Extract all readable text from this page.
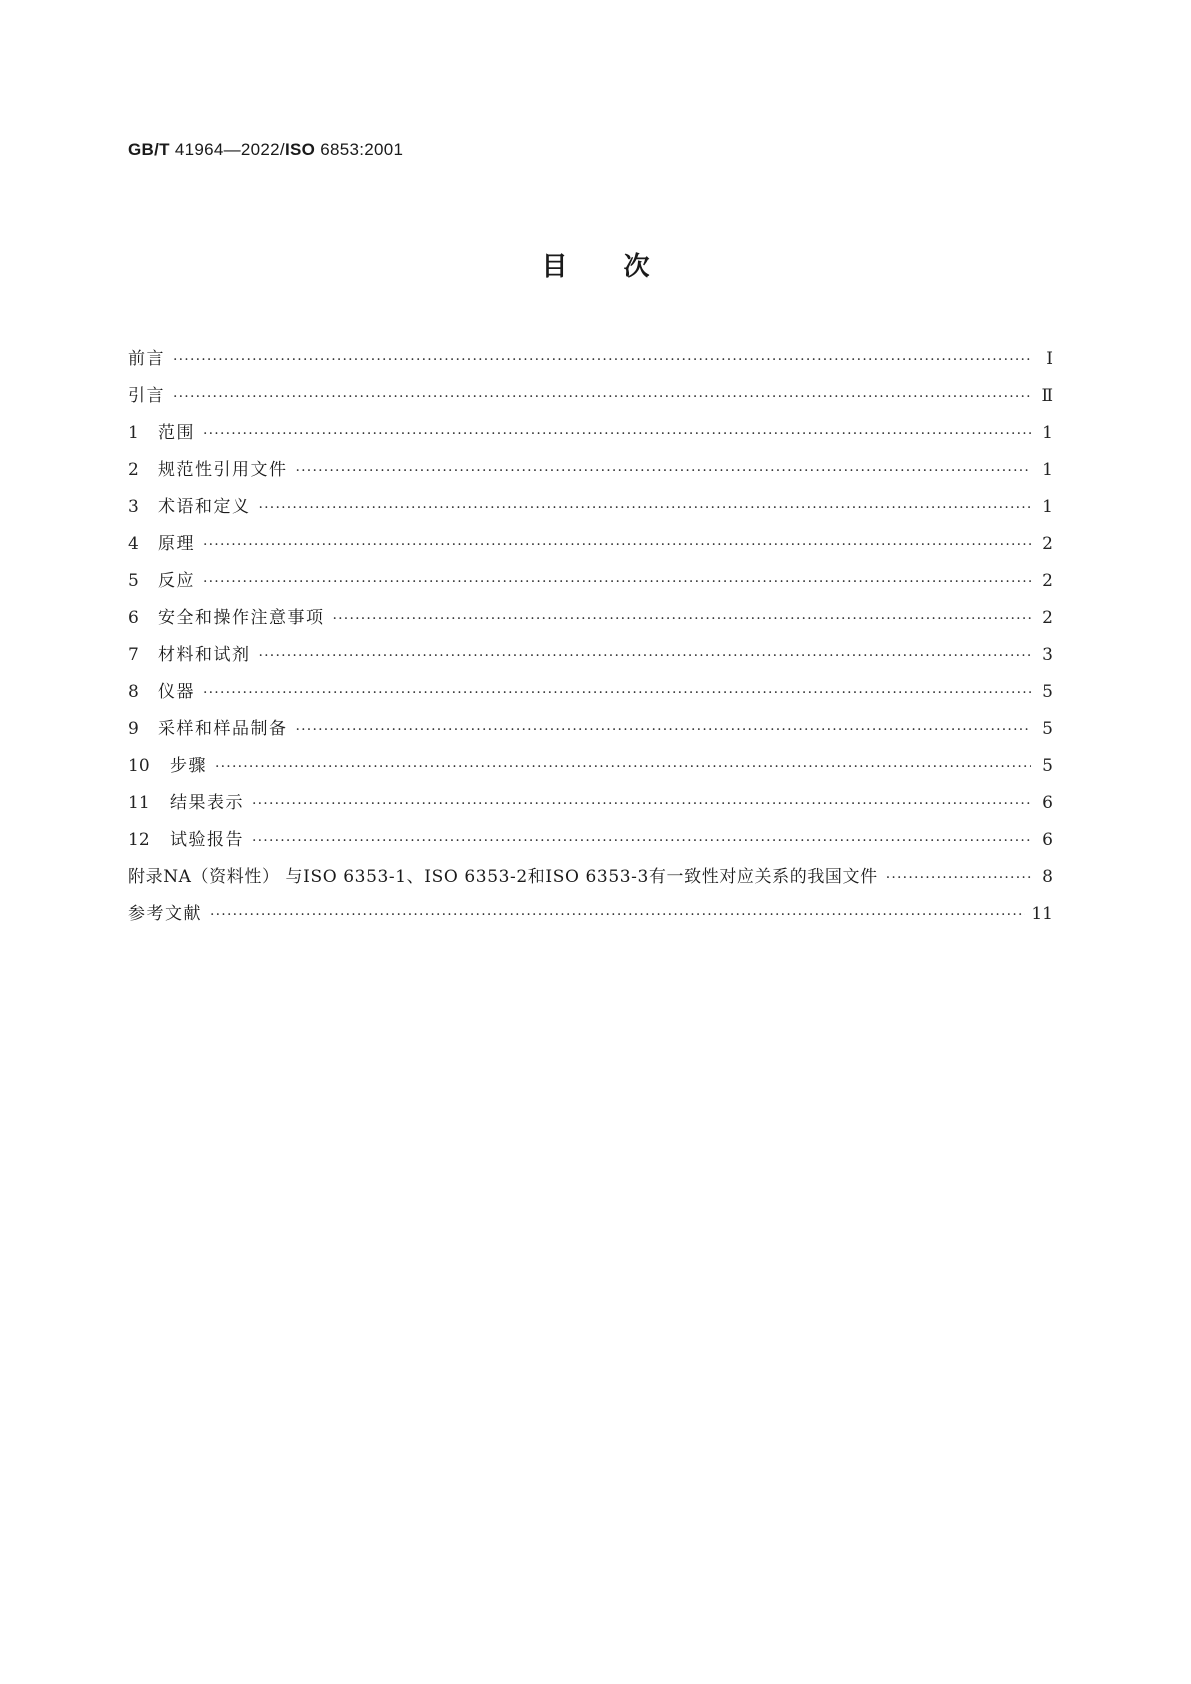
GB/T 41964—2022/ISO 6853:2001
目次
前言 ·····	Ⅰ
引言 ·····	Ⅱ
1	范围 ·····	1
2	规范性引用文件 ·····	1
3	术语和定义 ·····	1
4	原理 ·····	2
5	反应 ·····	2
6	安全和操作注意事项 ·····	2
7	材料和试剂 ·····	3
8	仪器 ·····	5
9	采样和样品制备 ·····	5
10	步骤 ·····	5
11	结果表示 ·····	6
12	试验报告 ·····	6
附录NA（资料性） 与ISO 6353-1、ISO 6353-2和ISO 6353-3有一致性对应关系的我国文件 ·····	8
参考文献 ·····	11
